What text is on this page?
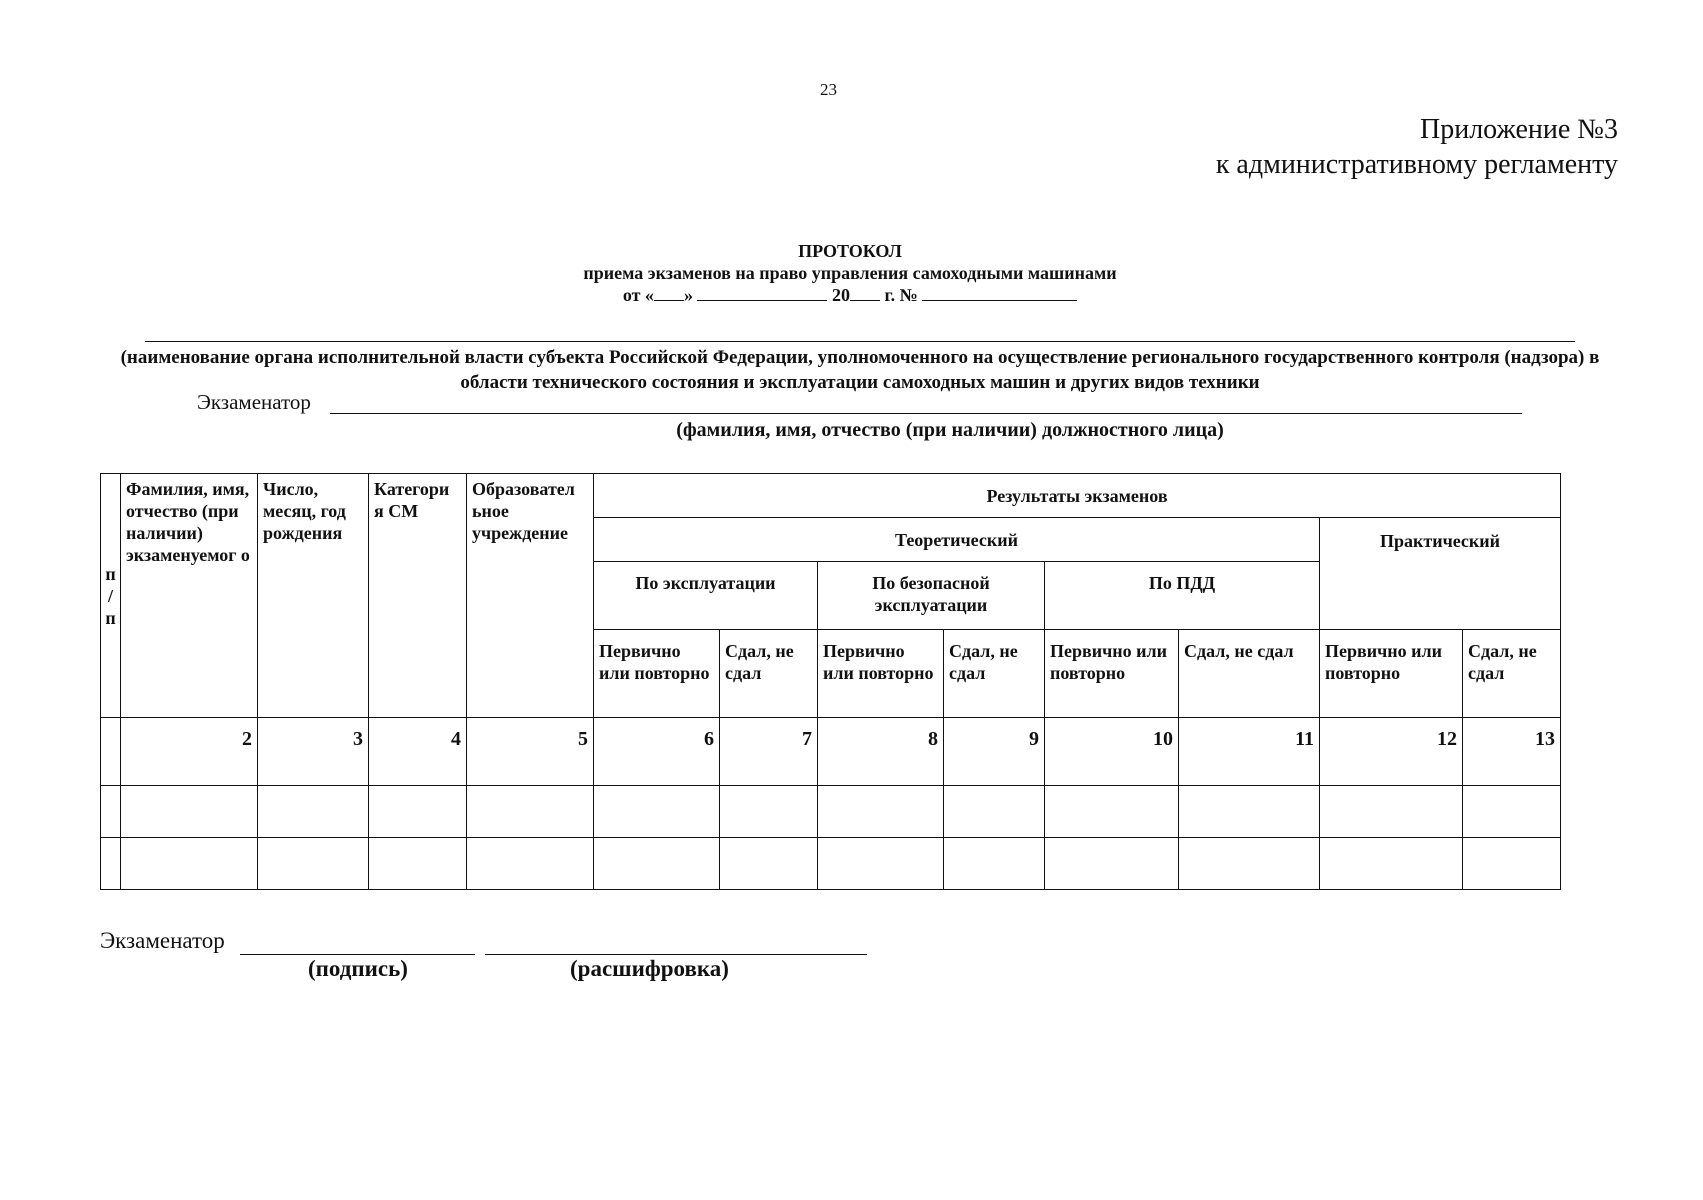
23
Приложение №3
к административному регламенту
ПРОТОКОЛ
приема экзаменов на право управления самоходными машинами
от « »	20 г. №
(наименование органа исполнительной власти субъекта Российской Федерации, уполномоченного на осуществление регионального государственного контроля (надзора) в области технического состояния и эксплуатации самоходных машин и других видов техники
Экзаменатор
(фамилия, имя, отчество (при наличии) должностного лица)
п / п	Фамилия, имя, отчество (при наличии) экзаменуемог о	Число, месяц, год рождения	Категори я СМ	Образовател ьное учреждение	Результаты экзаменов							
					Теоретический						Практический	
					По эксплуатации		По безопасной эксплуатации		По ПДД			
					Первично или повторно	Сдал, не сдал	Первично или повторно	Сдал, не сдал	Первично или повторно	Сдал, не сдал	Первично или повторно	Сдал, не сдал
	2	3	4	5	6	7	8	9	10	11	12	13

Экзаменатор
(подпись)	(расшифровка)
